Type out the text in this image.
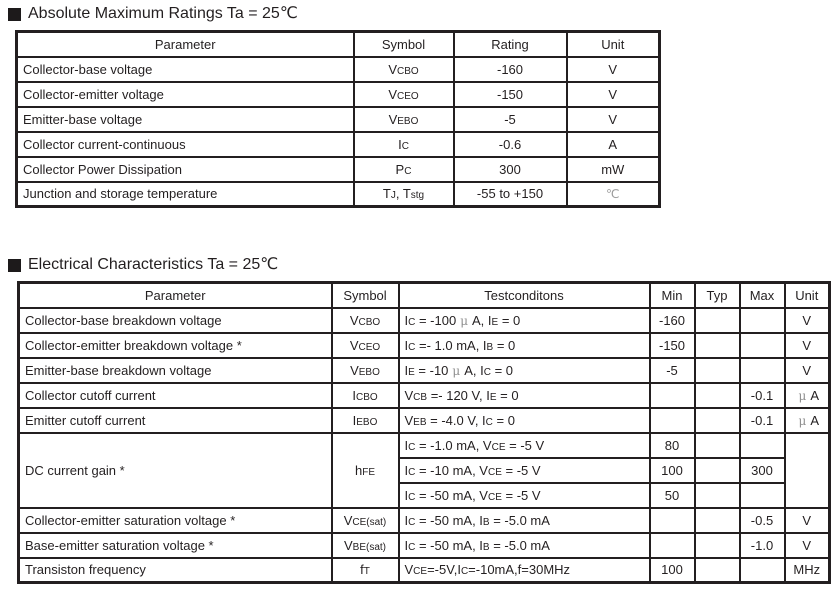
Absolute Maximum Ratings Ta = 25℃
Parameter	Symbol	Rating	Unit
Collector-base voltage	VCBO	-160	V
Collector-emitter voltage	VCEO	-150	V
Emitter-base voltage	VEBO	-5	V
Collector current-continuous	IC	-0.6	A
Collector Power Dissipation	PC	300	mW
Junction and storage temperature	TJ, Tstg	-55 to +150	℃
Electrical Characteristics Ta = 25℃
Parameter	Symbol	Testconditons	Min	Typ	Max	Unit
Collector-base breakdown voltage	VCBO	IC = -100 μ A, IE = 0	-160			V
Collector-emitter breakdown voltage *	VCEO	IC =- 1.0 mA, IB = 0	-150			V
Emitter-base breakdown voltage	VEBO	IE = -10 μ A, IC = 0	-5			V
Collector cutoff current	ICBO	VCB =- 120 V, IE = 0			-0.1	μ A
Emitter cutoff current	IEBO	VEB = -4.0 V, IC = 0			-0.1	μ A
DC current gain *	hFE	IC = -1.0 mA, VCE = -5 V	80			
		IC = -10 mA, VCE = -5 V	100		300	
		IC = -50 mA, VCE = -5 V	50			
Collector-emitter saturation voltage *	VCE(sat)	IC = -50 mA, IB = -5.0 mA			-0.5	V
Base-emitter saturation voltage *	VBE(sat)	IC = -50 mA, IB = -5.0 mA			-1.0	V
Transiston frequency	fT	VCE=-5V,IC=-10mA,f=30MHz	100			MHz
